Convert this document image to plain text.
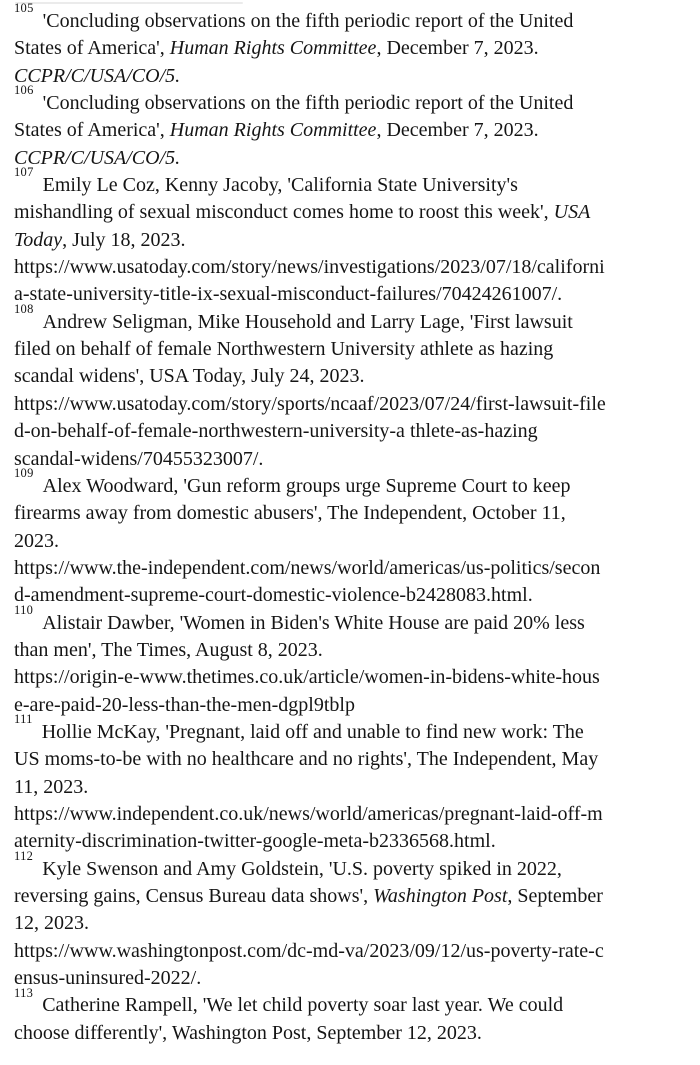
$^{105}$'Concluding observations on the fifth periodic report of the United
States of America', Human Rights Committee, December 7, 2023.
CCPR/C/USA/CO/5.
$^{106}$'Concluding observations on the fifth periodic report of the United
States of America', Human Rights Committee, December 7, 2023.
CCPR/C/USA/CO/5.
$^{107}$Emily Le Coz, Kenny Jacoby, 'California State University's
mishandling of sexual misconduct comes home to roost this week', USA
Today, July 18, 2023.
https://www.usatoday.com/story/news/investigations/2023/07/18/californi
a-state-university-title-ix-sexual-misconduct-failures/70424261007/.
$^{108}$Andrew Seligman, Mike Household and Larry Lage, 'First lawsuit
filed on behalf of female Northwestern University athlete as hazing
scandal widens', USA Today, July 24, 2023.
https://www.usatoday.com/story/sports/ncaaf/2023/07/24/first-lawsuit-file
d-on-behalf-of-female-northwestern-university-a thlete-as-hazing
scandal-widens/70455323007/.
$^{109}$Alex Woodward, 'Gun reform groups urge Supreme Court to keep
firearms away from domestic abusers', The Independent, October 11,
2023.
https://www.the-independent.com/news/world/americas/us-politics/secon
d-amendment-supreme-court-domestic-violence-b2428083.html.
$^{110}$Alistair Dawber, 'Women in Biden's White House are paid 20% less
than men', The Times, August 8, 2023.
https://origin-e-www.thetimes.co.uk/article/women-in-bidens-white-hous
e-are-paid-20-less-than-the-men-dgpl9tblp
$^{111}$Hollie McKay, 'Pregnant, laid off and unable to find new work: The
US moms-to-be with no healthcare and no rights', The Independent, May
11, 2023.
https://www.independent.co.uk/news/world/americas/pregnant-laid-off-m
aternity-discrimination-twitter-google-meta-b2336568.html.
$^{112}$Kyle Swenson and Amy Goldstein, 'U.S. poverty spiked in 2022,
reversing gains, Census Bureau data shows', Washington Post, September
12, 2023.
https://www.washingtonpost.com/dc-md-va/2023/09/12/us-poverty-rate-c
ensus-uninsured-2022/.
$^{113}$Catherine Rampell, 'We let child poverty soar last year. We could
choose differently', Washington Post, September 12, 2023.
